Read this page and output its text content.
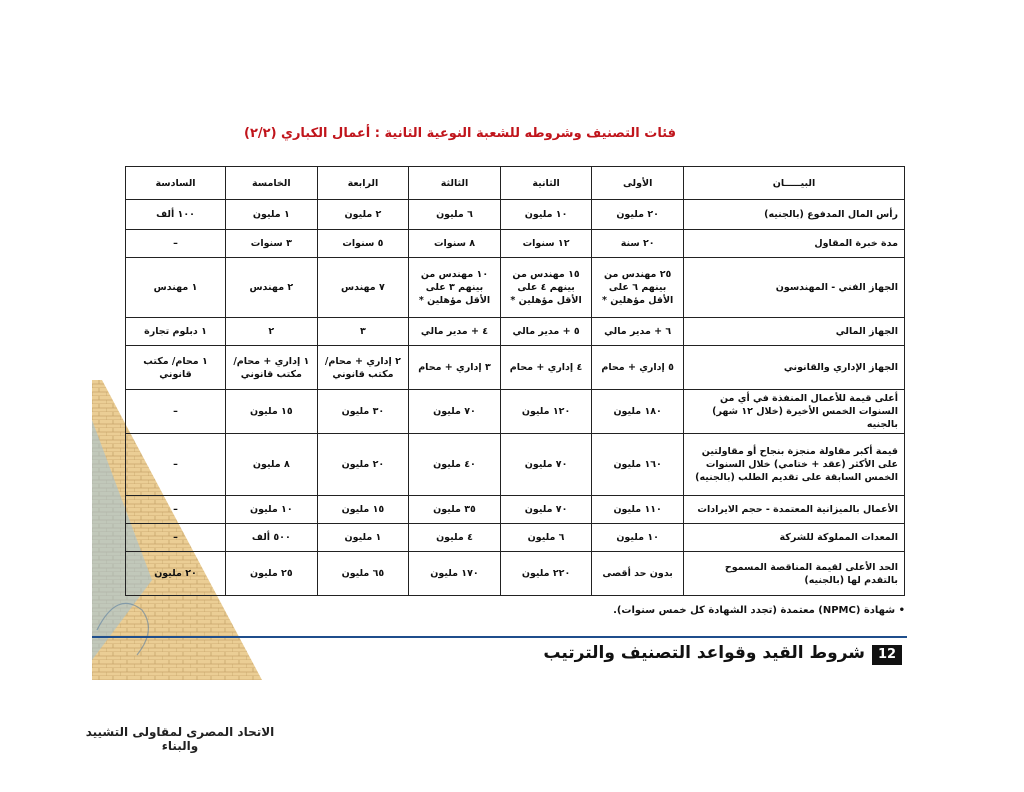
فئات التصنيف وشروطه للشعبة النوعية الثانية : أعمال الكباري (٢/٢)
البيـــــان	الأولى	الثانية	الثالثة	الرابعة	الخامسة	السادسة
رأس المال المدفوع (بالجنيه)	٢٠ مليون	١٠ مليون	٦ مليون	٢ مليون	١ مليون	١٠٠ ألف
مدة خبرة المقاول	٢٠ سنة	١٢ سنوات	٨ سنوات	٥ سنوات	٣ سنوات	–
الجهاز الفني - المهندسون	٢٥ مهندس من بينهم ٦ على الأقل مؤهلين *	١٥ مهندس من بينهم ٤ على الأقل مؤهلين *	١٠ مهندس من بينهم ٣ على الأقل مؤهلين *	٧ مهندس	٢ مهندس	١ مهندس
الجهاز المالي	٦ + مدير مالي	٥ + مدير مالي	٤ + مدير مالي	٣	٢	١ دبلوم تجارة
الجهاز الإداري والقانوني	٥ إداري + محام	٤ إداري + محام	٣ إداري + محام	٢ إداري + محام/ مكتب قانوني	١ إداري + محام/ مكتب قانوني	١ محام/ مكتب قانوني
أعلى قيمة للأعمال المنفذة في أي من السنوات الخمس الأخيرة (خلال ١٢ شهر) بالجنيه	١٨٠ مليون	١٢٠ مليون	٧٠ مليون	٣٠ مليون	١٥ مليون	–
قيمة أكبر مقاولة منجزة بنجاح أو مقاولتين على الأكثر (عقد + ختامي) خلال السنوات الخمس السابقة على تقديم الطلب (بالجنيه)	١٦٠ مليون	٧٠ مليون	٤٠ مليون	٢٠ مليون	٨ مليون	–
الأعمال بالميزانية المعتمدة - حجم الايرادات	١١٠ مليون	٧٠ مليون	٣٥ مليون	١٥ مليون	١٠ مليون	–
المعدات المملوكة للشركة	١٠ مليون	٦ مليون	٤ مليون	١ مليون	٥٠٠ ألف	–
الحد الأعلى لقيمة المناقصة المسموح بالتقدم لها (بالجنيه)	بدون حد أقصى	٢٢٠ مليون	١٧٠ مليون	٦٥ مليون	٢٥ مليون	٢٠ مليون
• شهادة (NPMC) معتمدة (تجدد الشهادة كل خمس سنوات).
12
شروط القيد وقواعد التصنيف والترتيب
الاتحاد المصرى لمقاولى التشييد والبناء
